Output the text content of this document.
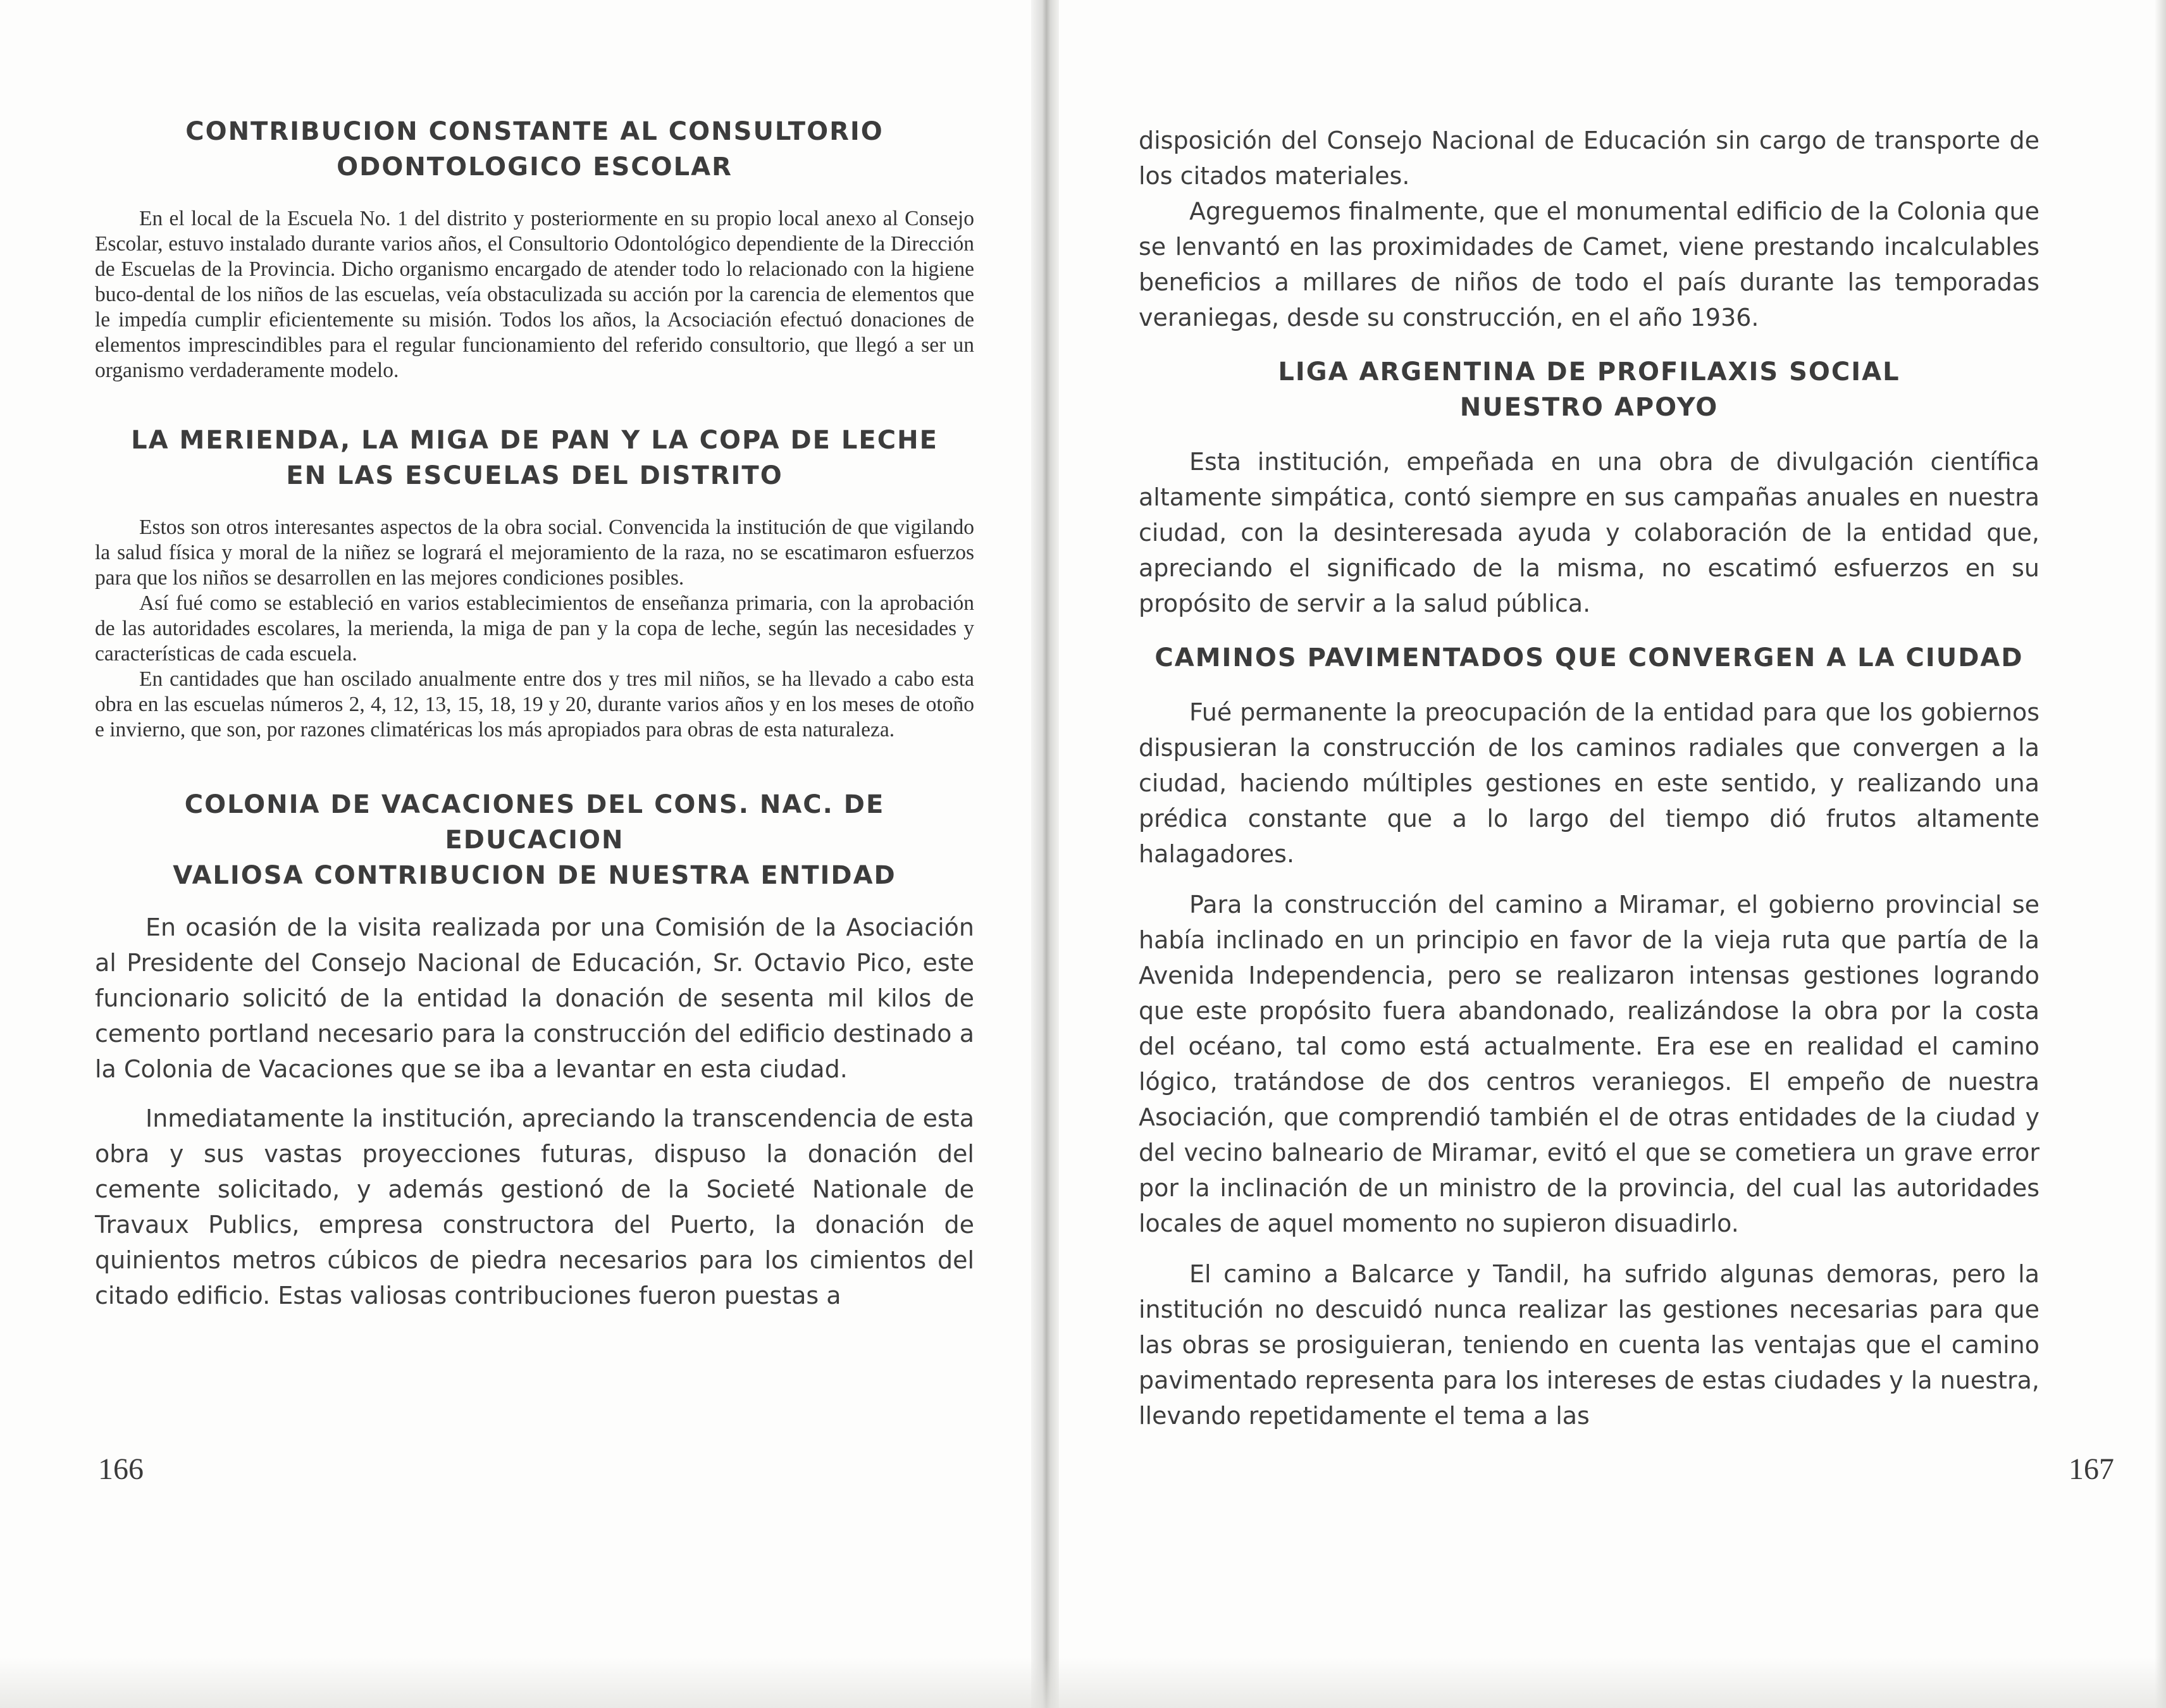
CONTRIBUCION CONSTANTE AL CONSULTORIO
ODONTOLOGICO ESCOLAR

En el local de la Escuela No. 1 del distrito y posteriormente en su propio local anexo al Consejo Escolar, estuvo instalado durante varios años, el Consultorio Odontológico dependiente de la Dirección de Escuelas de la Provincia. Dicho organismo encargado de atender todo lo relacionado con la higiene buco-dental de los niños de las escuelas, veía obstaculizada su acción por la carencia de elementos que le impedía cumplir eficientemente su misión. Todos los años, la Acsociación efectuó donaciones de elementos imprescindibles para el regular funcionamiento del referido consultorio, que llegó a ser un organismo verdaderamente modelo.

LA MERIENDA, LA MIGA DE PAN Y LA COPA DE LECHE
EN LAS ESCUELAS DEL DISTRITO

Estos son otros interesantes aspectos de la obra social. Convencida la institución de que vigilando la salud física y moral de la niñez se logrará el mejoramiento de la raza, no se escatimaron esfuerzos para que los niños se desarrollen en las mejores condiciones posibles.

Así fué como se estableció en varios establecimientos de enseñanza primaria, con la aprobación de las autoridades escolares, la merienda, la miga de pan y la copa de leche, según las necesidades y características de cada escuela.

En cantidades que han oscilado anualmente entre dos y tres mil niños, se ha llevado a cabo esta obra en las escuelas números 2, 4, 12, 13, 15, 18, 19 y 20, durante varios años y en los meses de otoño e invierno, que son, por razones climatéricas los más apropiados para obras de esta naturaleza.

COLONIA DE VACACIONES DEL CONS. NAC. DE EDUCACION
VALIOSA CONTRIBUCION DE NUESTRA ENTIDAD

En ocasión de la visita realizada por una Comisión de la Asociación al Presidente del Consejo Nacional de Educación, Sr. Octavio Pico, este funcionario solicitó de la entidad la donación de sesenta mil kilos de cemento portland necesario para la construcción del edificio destinado a la Colonia de Vacaciones que se iba a levantar en esta ciudad.

Inmediatamente la institución, apreciando la transcendencia de esta obra y sus vastas proyecciones futuras, dispuso la donación del cemente solicitado, y además gestionó de la Societé Nationale de Travaux Publics, empresa constructora del Puerto, la donación de quinientos metros cúbicos de piedra necesarios para los cimientos del citado edificio. Estas valiosas contribuciones fueron puestas a

166

disposición del Consejo Nacional de Educación sin cargo de transporte de los citados materiales.

Agreguemos finalmente, que el monumental edificio de la Colonia que se lenvantó en las proximidades de Camet, viene prestando incalculables beneficios a millares de niños de todo el país durante las temporadas veraniegas, desde su construcción, en el año 1936.

LIGA ARGENTINA DE PROFILAXIS SOCIAL
NUESTRO APOYO

Esta institución, empeñada en una obra de divulgación científica altamente simpática, contó siempre en sus campañas anuales en nuestra ciudad, con la desinteresada ayuda y colaboración de la entidad que, apreciando el significado de la misma, no escatimó esfuerzos en su propósito de servir a la salud pública.

CAMINOS PAVIMENTADOS QUE CONVERGEN A LA CIUDAD

Fué permanente la preocupación de la entidad para que los gobiernos dispusieran la construcción de los caminos radiales que convergen a la ciudad, haciendo múltiples gestiones en este sentido, y realizando una prédica constante que a lo largo del tiempo dió frutos altamente halagadores.

Para la construcción del camino a Miramar, el gobierno provincial se había inclinado en un principio en favor de la vieja ruta que partía de la Avenida Independencia, pero se realizaron intensas gestiones logrando que este propósito fuera abandonado, realizándose la obra por la costa del océano, tal como está actualmente. Era ese en realidad el camino lógico, tratándose de dos centros veraniegos. El empeño de nuestra Asociación, que comprendió también el de otras entidades de la ciudad y del vecino balneario de Miramar, evitó el que se cometiera un grave error por la inclinación de un ministro de la provincia, del cual las autoridades locales de aquel momento no supieron disuadirlo.

El camino a Balcarce y Tandil, ha sufrido algunas demoras, pero la institución no descuidó nunca realizar las gestiones necesarias para que las obras se prosiguieran, teniendo en cuenta las ventajas que el camino pavimentado representa para los intereses de estas ciudades y la nuestra, llevando repetidamente el tema a las

167
